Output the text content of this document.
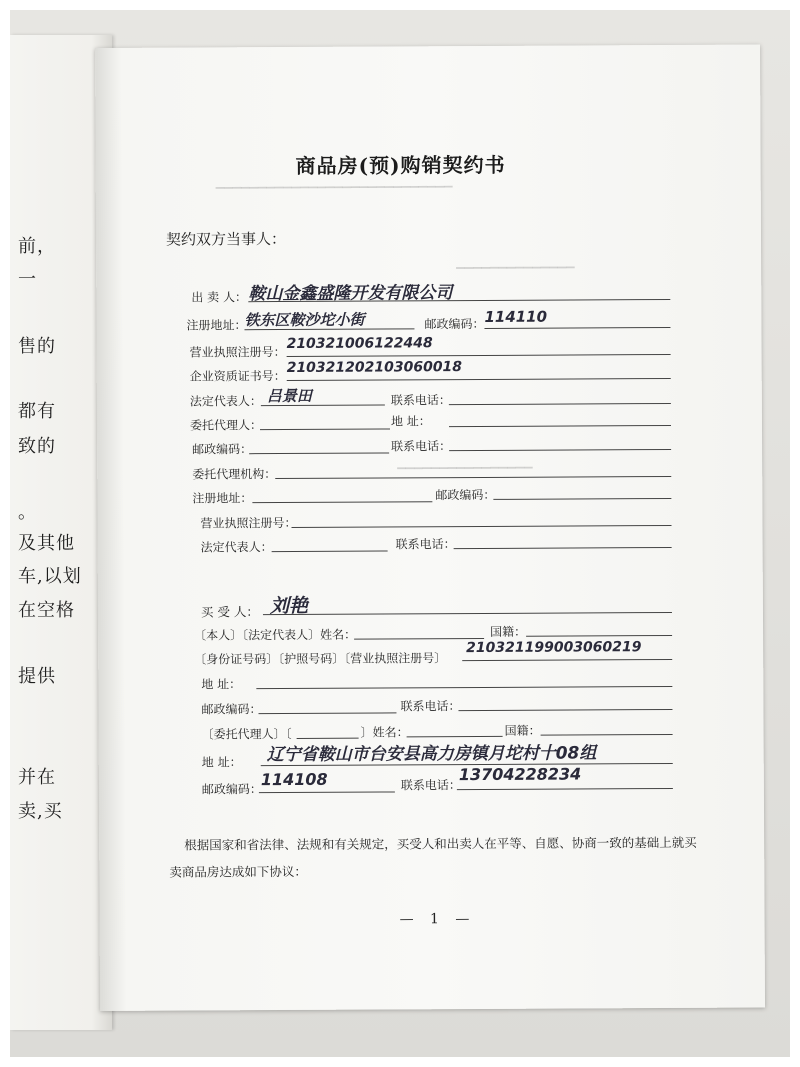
前，
一
售的
都有
致的
。
及其他
车,以划
在空格
提供
并在
卖,买
▔▔▔▔▔▔▔▔▔▔▔▔▔▔▔▔▔▔▔▔▔▔▔▔▔▔▔▔
▁▁▁▁▁▁▁▁▁▁▁▁▁▁
▁▁▁▁▁▁▁▁▁▁▁▁▁▁▁▁
商品房(预)购销契约书
契约双方当事人：
出 卖 人： 鞍山金鑫盛隆开发有限公司
注册地址：
铁东区鞍沙坨小街	邮政编码： 114110
营业执照注册号：
210321006122448
企业资质证书号：
210321202103060018
法定代表人： 吕景田	联系电话：
委托代理人：	地 址：
邮政编码：	联系电话：
委托代理机构：
注册地址：	邮政编码：
营业执照注册号：
法定代表人：	联系电话：
买 受 人： 刘艳
〔本人〕〔法定代表人〕姓名：	国籍：
〔身份证号码〕〔护照号码〕〔营业执照注册号〕
210321199003060219
地 址：
邮政编码：	联系电话：
〔委托代理人〕〔	〕姓名：	国籍：
地 址： 辽宁省鞍山市台安县高力房镇月坨村十08组
邮政编码：
114108	联系电话：
13704228234
根据国家和省法律、法规和有关规定，买受人和出卖人在平等、自愿、协商一致的基础上就买
卖商品房达成如下协议：
— 1 —
